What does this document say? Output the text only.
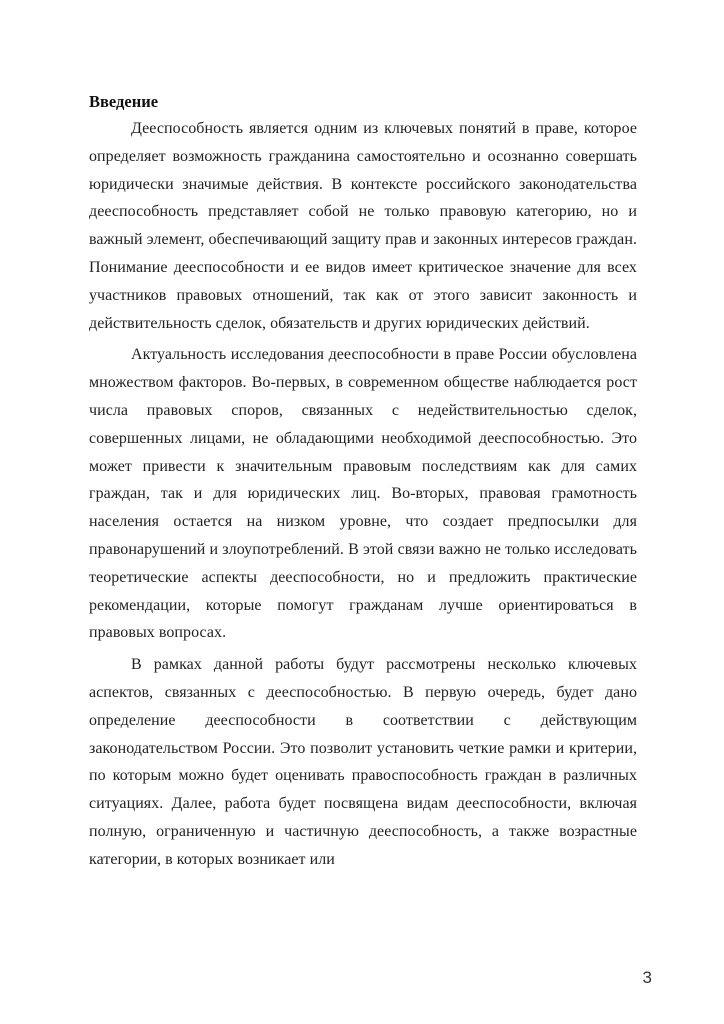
Введение

Дееспособность является одним из ключевых понятий в праве, которое определяет возможность гражданина самостоятельно и осознанно совершать юридически значимые действия. В контексте российского законодательства дееспособность представляет собой не только правовую категорию, но и важный элемент, обеспечивающий защиту прав и законных интересов граждан. Понимание дееспособности и ее видов имеет критическое значение для всех участников правовых отношений, так как от этого зависит законность и действительность сделок, обязательств и других юридических действий.

Актуальность исследования дееспособности в праве России обусловлена множеством факторов. Во-первых, в современном обществе наблюдается рост числа правовых споров, связанных с недействительностью сделок, совершенных лицами, не обладающими необходимой дееспособностью. Это может привести к значительным правовым последствиям как для самих граждан, так и для юридических лиц. Во-вторых, правовая грамотность населения остается на низком уровне, что создает предпосылки для правонарушений и злоупотреблений. В этой связи важно не только исследовать теоретические аспекты дееспособности, но и предложить практические рекомендации, которые помогут гражданам лучше ориентироваться в правовых вопросах.

В рамках данной работы будут рассмотрены несколько ключевых аспектов, связанных с дееспособностью. В первую очередь, будет дано определение дееспособности в соответствии с действующим законодательством России. Это позволит установить четкие рамки и критерии, по которым можно будет оценивать правоспособность граждан в различных ситуациях. Далее, работа будет посвящена видам дееспособности, включая полную, ограниченную и частичную дееспособность, а также возрастные категории, в которых возникает или

3
